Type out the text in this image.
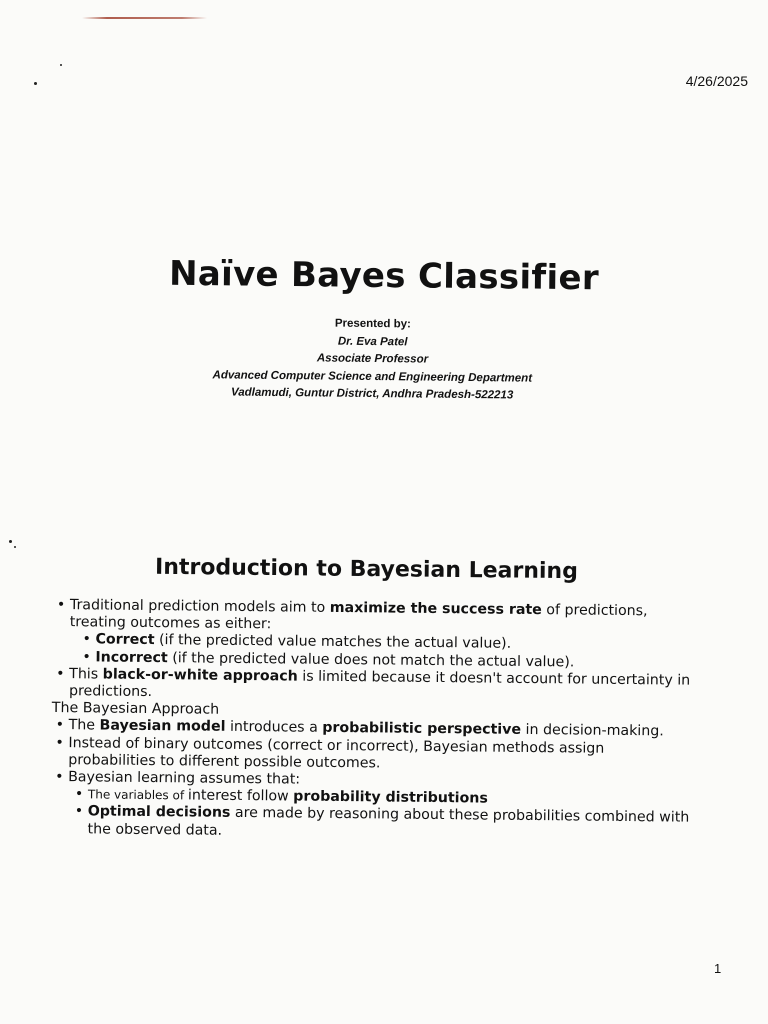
4/26/2025
Naïve Bayes Classifier
Presented by:
Dr. Eva Patel
Associate Professor
Advanced Computer Science and Engineering Department
Vadlamudi, Guntur District, Andhra Pradesh-522213
Introduction to Bayesian Learning
• Traditional prediction models aim to maximize the success rate of predictions, treating outcomes as either:
• Correct (if the predicted value matches the actual value).
• Incorrect (if the predicted value does not match the actual value).
• This black-or-white approach is limited because it doesn't account for uncertainty in predictions.
The Bayesian Approach
• The Bayesian model introduces a probabilistic perspective in decision-making.
• Instead of binary outcomes (correct or incorrect), Bayesian methods assign probabilities to different possible outcomes.
• Bayesian learning assumes that:
• The variables of interest follow probability distributions
• Optimal decisions are made by reasoning about these probabilities combined with the observed data.
1
